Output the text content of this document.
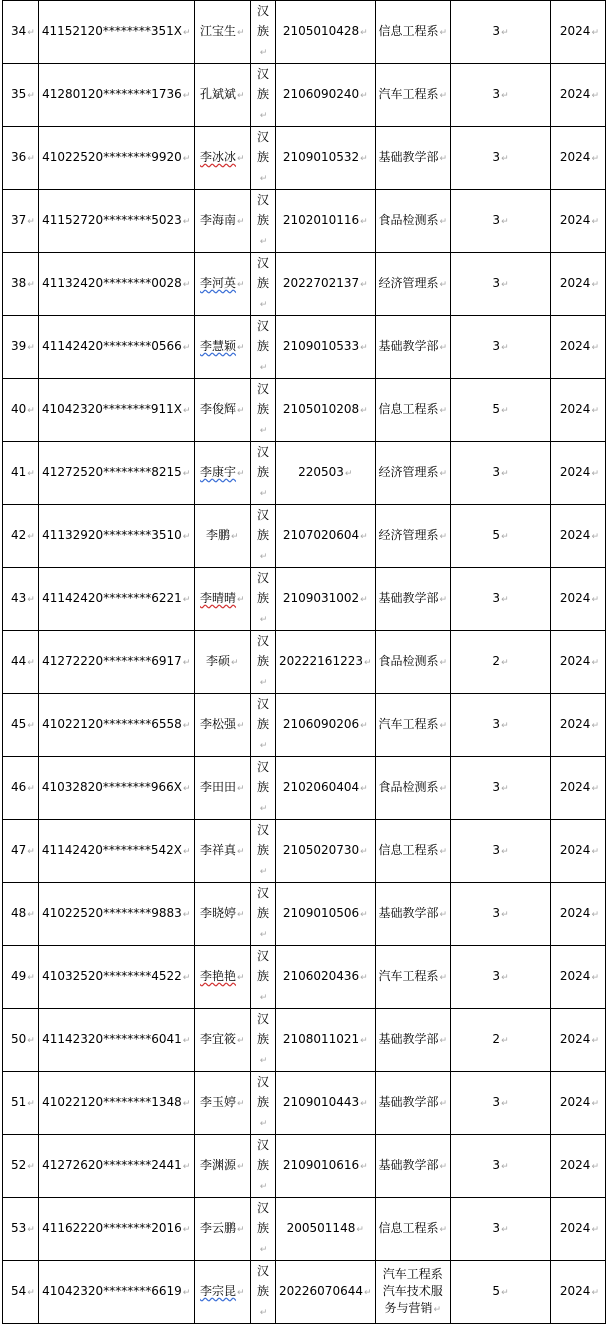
34↵	41152120********351X↵	江宝生↵	汉族↵	2105010428↵	信息工程系↵	3↵	2024↵
35↵	41280120********1736↵	孔斌斌↵	汉族↵	2106090240↵	汽车工程系↵	3↵	2024↵
36↵	41022520********9920↵	李冰冰↵	汉族↵	2109010532↵	基础教学部↵	3↵	2024↵
37↵	41152720********5023↵	李海南↵	汉族↵	2102010116↵	食品检测系↵	3↵	2024↵
38↵	41132420********0028↵	李河英↵	汉族↵	2022702137↵	经济管理系↵	3↵	2024↵
39↵	41142420********0566↵	李慧颖↵	汉族↵	2109010533↵	基础教学部↵	3↵	2024↵
40↵	41042320********911X↵	李俊辉↵	汉族↵	2105010208↵	信息工程系↵	5↵	2024↵
41↵	41272520********8215↵	李康宇↵	汉族↵	220503↵	经济管理系↵	3↵	2024↵
42↵	41132920********3510↵	李鹏↵	汉族↵	2107020604↵	经济管理系↵	5↵	2024↵
43↵	41142420********6221↵	李晴晴↵	汉族↵	2109031002↵	基础教学部↵	3↵	2024↵
44↵	41272220********6917↵	李硕↵	汉族↵	20222161223↵	食品检测系↵	2↵	2024↵
45↵	41022120********6558↵	李松强↵	汉族↵	2106090206↵	汽车工程系↵	3↵	2024↵
46↵	41032820********966X↵	李田田↵	汉族↵	2102060404↵	食品检测系↵	3↵	2024↵
47↵	41142420********542X↵	李祥真↵	汉族↵	2105020730↵	信息工程系↵	3↵	2024↵
48↵	41022520********9883↵	李晓婷↵	汉族↵	2109010506↵	基础教学部↵	3↵	2024↵
49↵	41032520********4522↵	李艳艳↵	汉族↵	2106020436↵	汽车工程系↵	3↵	2024↵
50↵	41142320********6041↵	李宜筱↵	汉族↵	2108011021↵	基础教学部↵	2↵	2024↵
51↵	41022120********1348↵	李玉婷↵	汉族↵	2109010443↵	基础教学部↵	3↵	2024↵
52↵	41272620********2441↵	李渊源↵	汉族↵	2109010616↵	基础教学部↵	3↵	2024↵
53↵	41162220********2016↵	李云鹏↵	汉族↵	200501148↵	信息工程系↵	3↵	2024↵
54↵	41042320********6619↵	李宗昆↵	汉族↵	20226070644↵	汽车工程系汽车技术服务与营销↵	5↵	2024↵
